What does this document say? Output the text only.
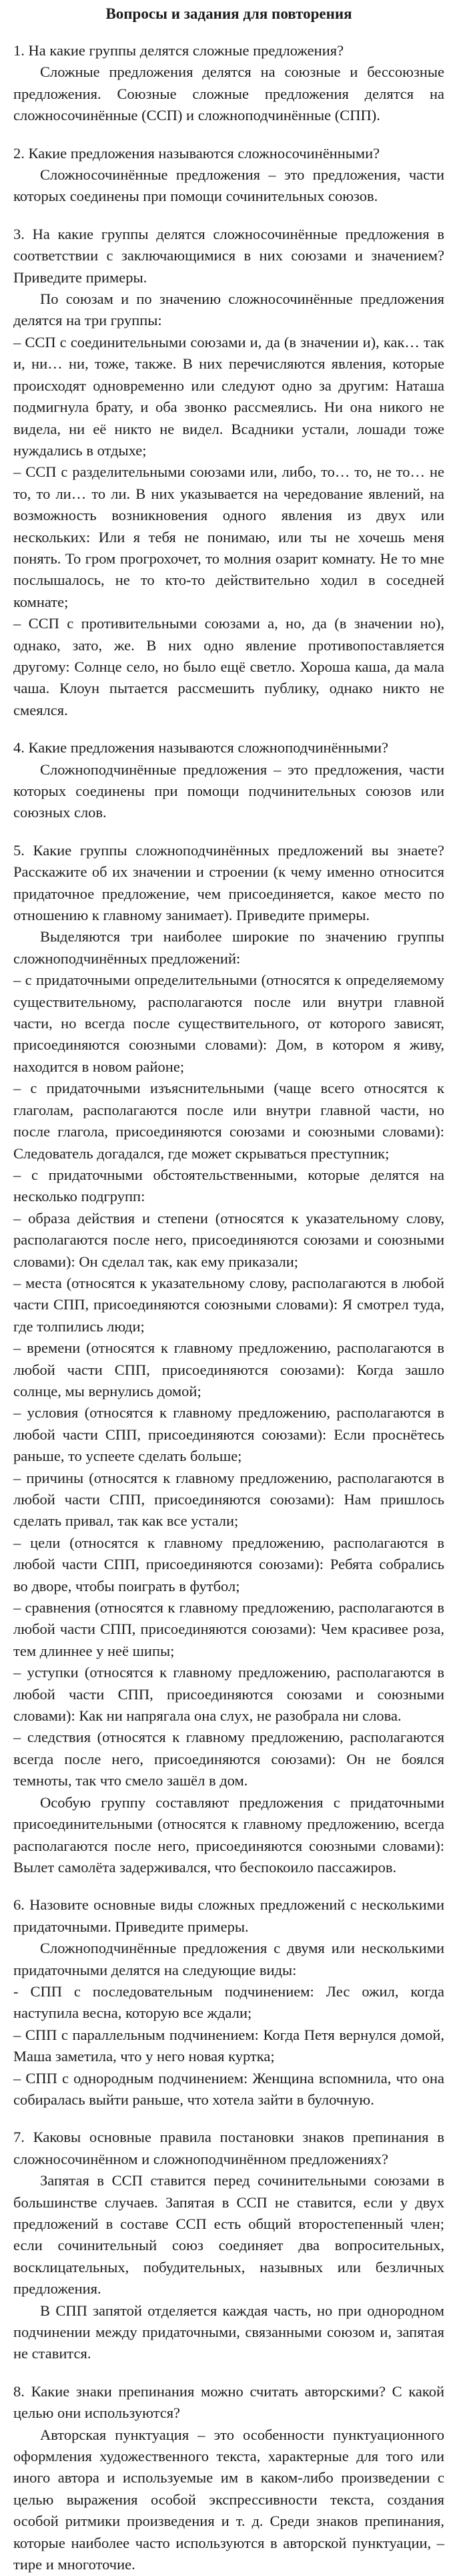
Вопросы и задания для повторения

1. На какие группы делятся сложные предложения?

Сложные предложения делятся на союзные и бессоюзные предложения. Союзные сложные предложения делятся на сложносочинённые (ССП) и сложноподчинённые (СПП).

2. Какие предложения называются сложносочинёнными?

Сложносочинённые предложения – это предложения, части которых соединены при помощи сочинительных союзов.

3. На какие группы делятся сложносочинённые предложения в соответствии с заключающимися в них союзами и значением? Приведите примеры.

По союзам и по значению сложносочинённые предложения делятся на три группы:

– ССП с соединительными союзами и, да (в значении и), как… так и, ни… ни, тоже, также. В них перечисляются явления, которые происходят одновременно или следуют одно за другим: Наташа подмигнула брату, и оба звонко рассмеялись. Ни она никого не видела, ни её никто не видел. Всадники устали, лошади тоже нуждались в отдыхе;

– ССП с разделительными союзами или, либо, то… то, не то… не то, то ли… то ли. В них указывается на чередование явлений, на возможность возникновения одного явления из двух или нескольких: Или я тебя не понимаю, или ты не хочешь меня понять. То гром прогрохочет, то молния озарит комнату. Не то мне послышалось, не то кто-то действительно ходил в соседней комнате;

– ССП с противительными союзами а, но, да (в значении но), однако, зато, же. В них одно явление противопоставляется другому: Солнце село, но было ещё светло. Хороша каша, да мала чаша. Клоун пытается рассмешить публику, однако никто не смеялся.

4. Какие предложения называются сложноподчинёнными?

Сложноподчинённые предложения – это предложения, части которых соединены при помощи подчинительных союзов или союзных слов.

5. Какие группы сложноподчинённых предложений вы знаете? Расскажите об их значении и строении (к чему именно относится придаточное предложение, чем присоединяется, какое место по отношению к главному занимает). Приведите примеры.

Выделяются три наиболее широкие по значению группы сложноподчинённых предложений:

– с придаточными определительными (относятся к определяемому существительному, располагаются после или внутри главной части, но всегда после существительного, от которого зависят, присоединяются союзными словами): Дом, в котором я живу, находится в новом районе;

– с придаточными изъяснительными (чаще всего относятся к глаголам, располагаются после или внутри главной части, но после глагола, присоединяются союзами и союзными словами): Следователь догадался, где может скрываться преступник;

– с придаточными обстоятельственными, которые делятся на несколько подгрупп:

– образа действия и степени (относятся к указательному слову, располагаются после него, присоединяются союзами и союзными словами): Он сделал так, как ему приказали;

– места (относятся к указательному слову, располагаются в любой части СПП, присоединяются союзными словами): Я смотрел туда, где толпились люди;

– времени (относятся к главному предложению, располагаются в любой части СПП, присоединяются союзами): Когда зашло солнце, мы вернулись домой;

– условия (относятся к главному предложению, располагаются в любой части СПП, присоединяются союзами): Если проснётесь раньше, то успеете сделать больше;

– причины (относятся к главному предложению, располагаются в любой части СПП, присоединяются союзами): Нам пришлось сделать привал, так как все устали;

– цели (относятся к главному предложению, располагаются в любой части СПП, присоединяются союзами): Ребята собрались во дворе, чтобы поиграть в футбол;

– сравнения (относятся к главному предложению, располагаются в любой части СПП, присоединяются союзами): Чем красивее роза, тем длиннее у неё шипы;

– уступки (относятся к главному предложению, располагаются в любой части СПП, присоединяются союзами и союзными словами): Как ни напрягала она слух, не разобрала ни слова.

– следствия (относятся к главному предложению, располагаются всегда после него, присоединяются союзами): Он не боялся темноты, так что смело зашёл в дом.

Особую группу составляют предложения с придаточными присоединительными (относятся к главному предложению, всегда располагаются после него, присоединяются союзными словами): Вылет самолёта задерживался, что беспокоило пассажиров.

6. Назовите основные виды сложных предложений с несколькими придаточными. Приведите примеры.

Сложноподчинённые предложения с двумя или несколькими придаточными делятся на следующие виды:

- СПП с последовательным подчинением: Лес ожил, когда наступила весна, которую все ждали;

– СПП с параллельным подчинением: Когда Петя вернулся домой, Маша заметила, что у него новая куртка;

– СПП с однородным подчинением: Женщина вспомнила, что она собиралась выйти раньше, что хотела зайти в булочную.

7. Каковы основные правила постановки знаков препинания в сложносочинённом и сложноподчинённом предложениях?

Запятая в ССП ставится перед сочинительными союзами в большинстве случаев. Запятая в ССП не ставится, если у двух предложений в составе ССП есть общий второстепенный член; если сочинительный союз соединяет два вопросительных, восклицательных, побудительных, назывных или безличных предложения.

В СПП запятой отделяется каждая часть, но при однородном подчинении между придаточными, связанными союзом и, запятая не ставится.

8. Какие знаки препинания можно считать авторскими? С какой целью они используются?

Авторская пунктуация – это особенности пунктуационного оформления художественного текста, характерные для того или иного автора и используемые им в каком-либо произведении с целью выражения особой экспрессивности текста, создания особой ритмики произведения и т. д. Среди знаков препинания, которые наиболее часто используются в авторской пунктуации, – тире и многоточие.
